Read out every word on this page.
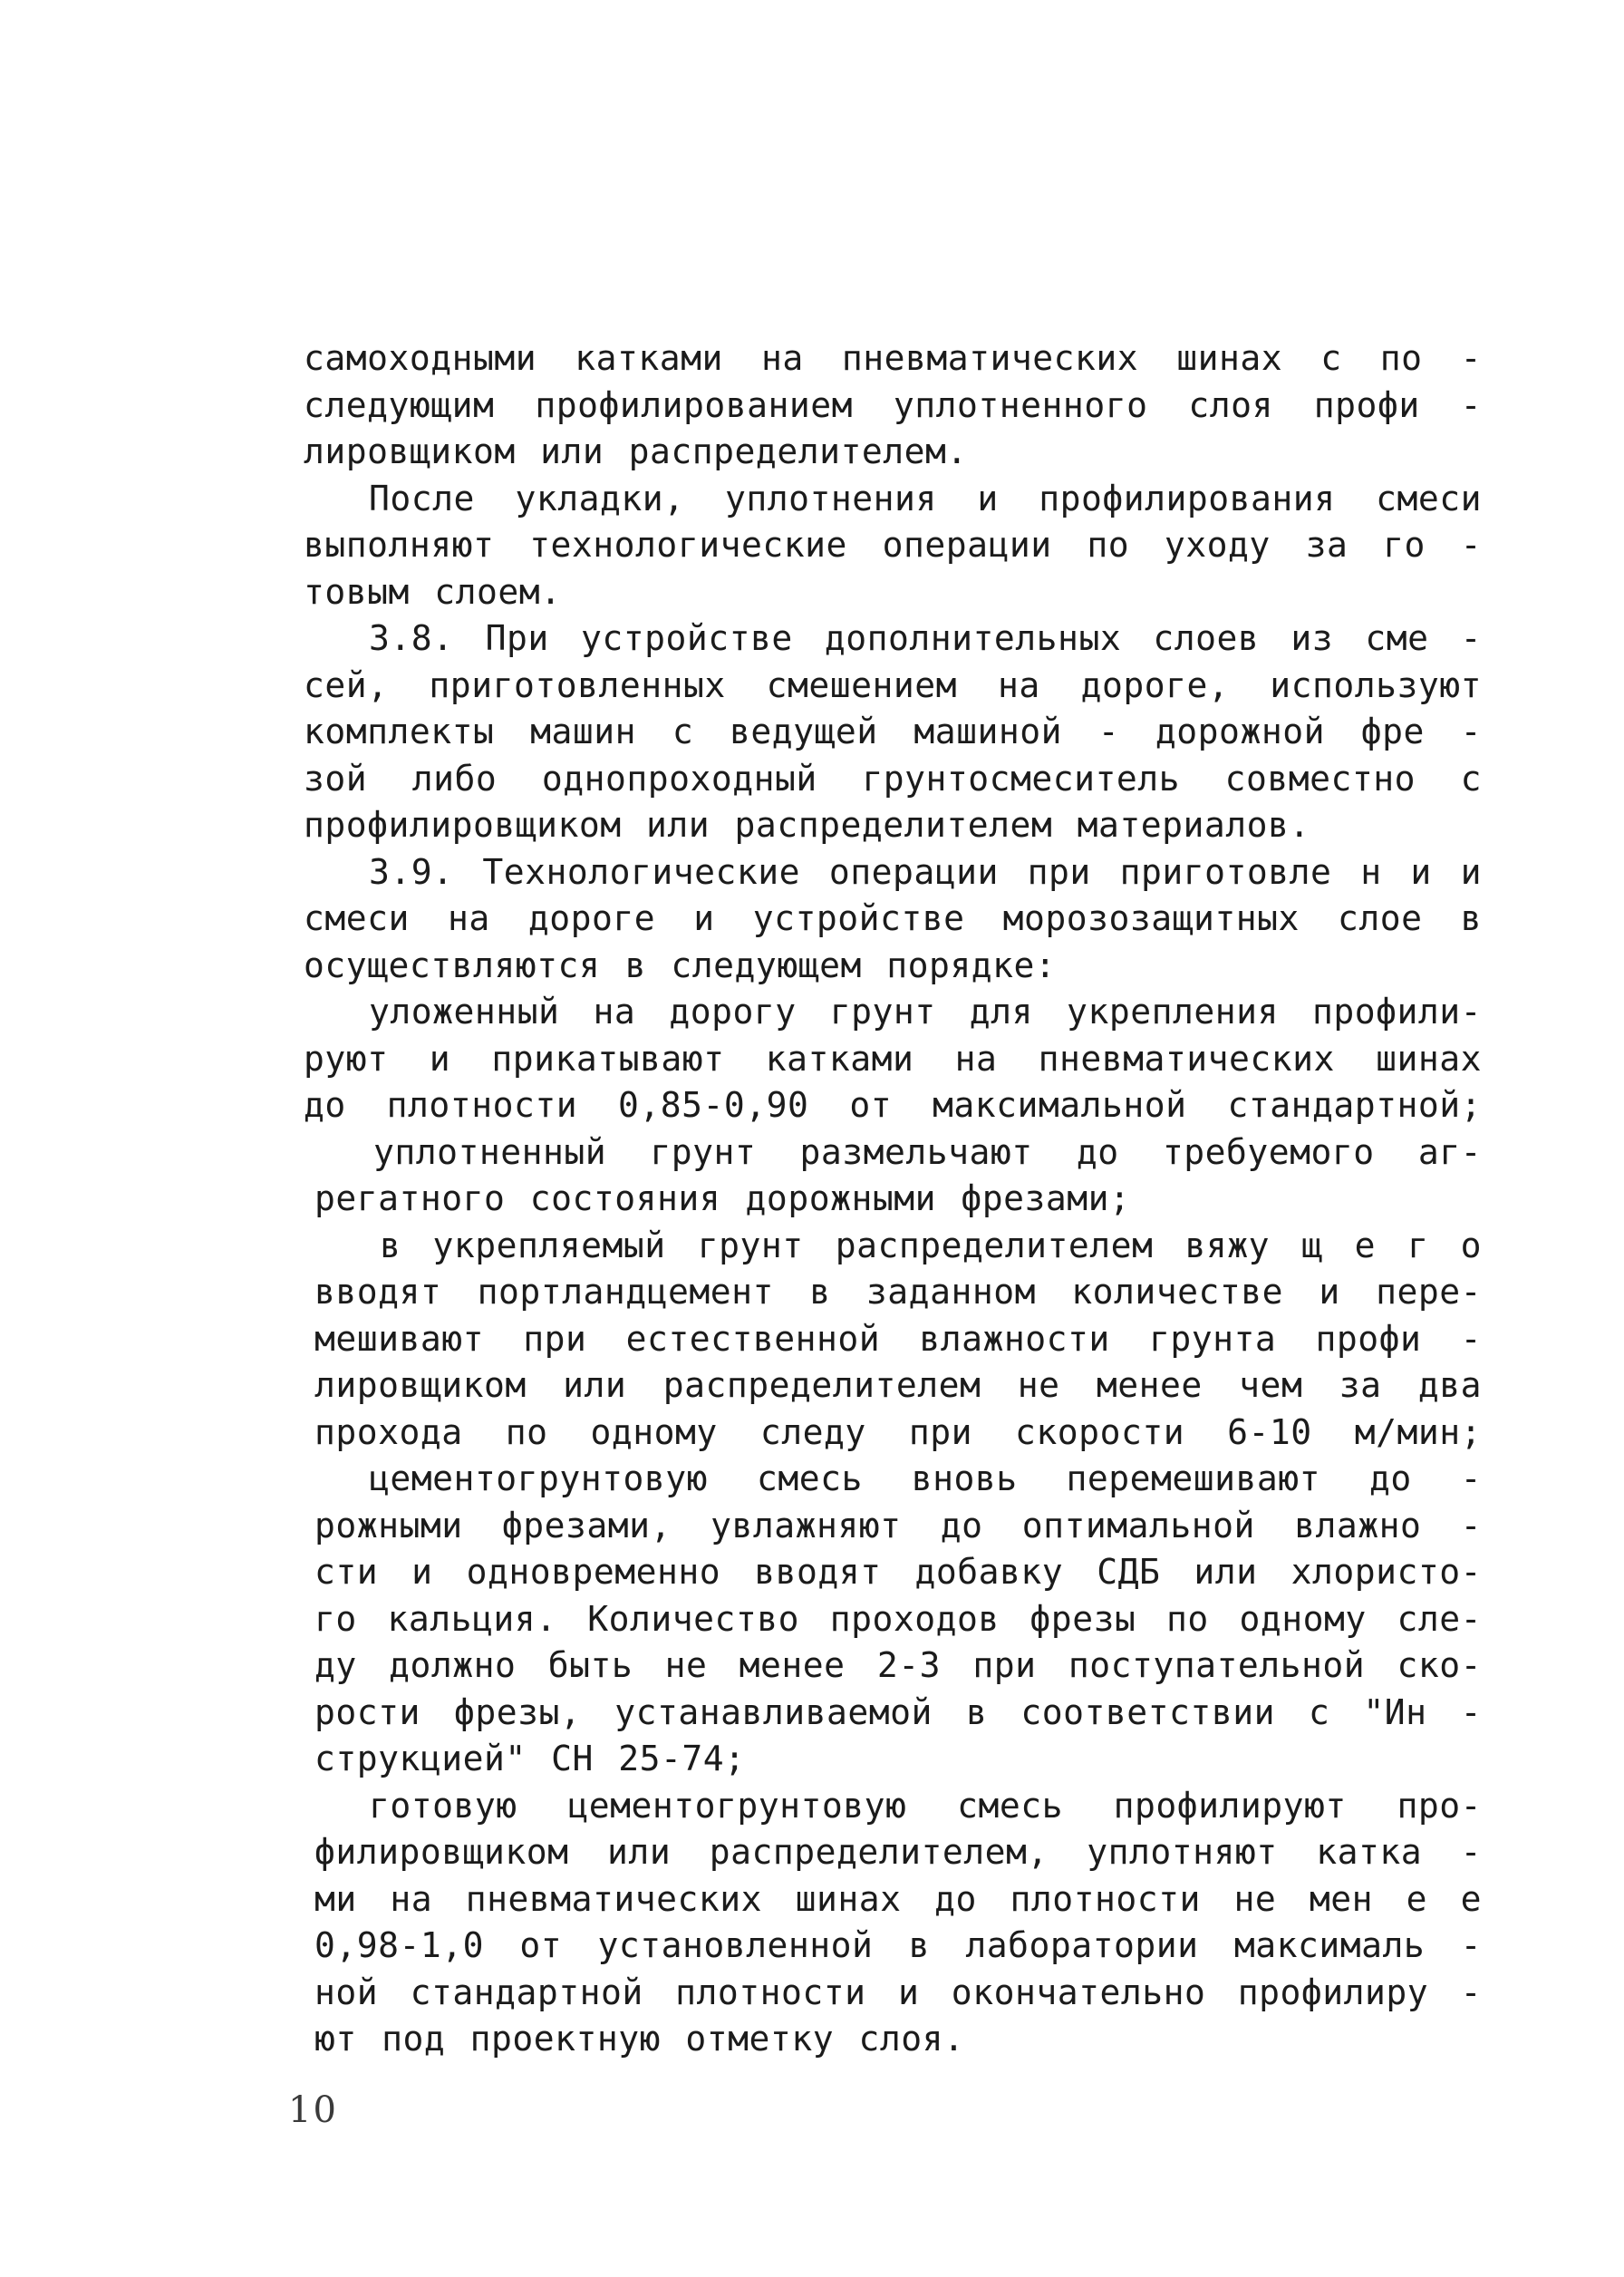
самоходными катками на пневматических шинах с по -
следующим профилированием уплотненного слоя профи -
лировщиком или распределителем.
После укладки, уплотнения и профилирования смеси
выполняют технологические операции по уходу за го -
товым слоем.
3.8. При устройстве дополнительных слоев из сме -
сей, приготовленных смешением на дороге, используют
комплекты машин с ведущей машиной - дорожной фре -
зой либо однопроходный грунтосмеситель совместно с
профилировщиком или распределителем материалов.
3.9. Технологические операции при приготовле н и и
смеси на дороге и устройстве морозозащитных слое в
осуществляются в следующем порядке:
уложенный на дорогу грунт для укрепления профили-
руют и прикатывают катками на пневматических шинах
до плотности 0,85-0,90 от максимальной стандартной;
уплотненный грунт размельчают до требуемого аг-
регатного состояния дорожными фрезами;
в укрепляемый грунт распределителем вяжу щ е г о
вводят портландцемент в заданном количестве и пере-
мешивают при естественной влажности грунта профи -
лировщиком или распределителем не менее чем за два
прохода по одному следу при скорости 6-10 м/мин;
цементогрунтовую смесь вновь перемешивают до -
рожными фрезами, увлажняют до оптимальной влажно -
сти и одновременно вводят добавку СДБ или хлористо-
го кальция. Количество проходов фрезы по одному сле-
ду должно быть не менее 2-3 при поступательной ско-
рости фрезы, устанавливаемой в соответствии с "Ин -
струкцией" СН 25-74;
готовую цементогрунтовую смесь профилируют про-
филировщиком или распределителем, уплотняют катка -
ми на пневматических шинах до плотности не мен е е
0,98-1,0 от установленной в лаборатории максималь -
ной стандартной плотности и окончательно профилиру -
ют под проектную отметку слоя.
10
